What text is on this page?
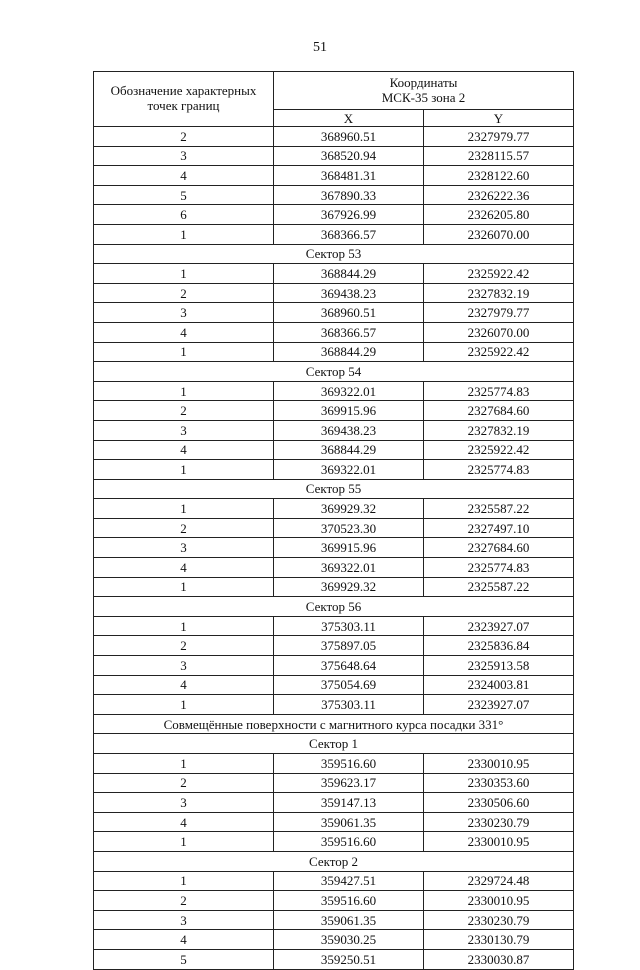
51
Обозначение характерных точек границ	Координаты
МСК-35 зона 2	

	X	Y
2	368960.51	2327979.77
3	368520.94	2328115.57
4	368481.31	2328122.60
5	367890.33	2326222.36
6	367926.99	2326205.80
1	368366.57	2326070.00
Сектор 53		
1	368844.29	2325922.42
2	369438.23	2327832.19
3	368960.51	2327979.77
4	368366.57	2326070.00
1	368844.29	2325922.42
Сектор 54		
1	369322.01	2325774.83
2	369915.96	2327684.60
3	369438.23	2327832.19
4	368844.29	2325922.42
1	369322.01	2325774.83
Сектор 55		
1	369929.32	2325587.22
2	370523.30	2327497.10
3	369915.96	2327684.60
4	369322.01	2325774.83
1	369929.32	2325587.22
Сектор 56		
1	375303.11	2323927.07
2	375897.05	2325836.84
3	375648.64	2325913.58
4	375054.69	2324003.81
1	375303.11	2323927.07
Совмещённые поверхности с магнитного курса посадки 331°		
Сектор 1		
1	359516.60	2330010.95
2	359623.17	2330353.60
3	359147.13	2330506.60
4	359061.35	2330230.79
1	359516.60	2330010.95
Сектор 2		
1	359427.51	2329724.48
2	359516.60	2330010.95
3	359061.35	2330230.79
4	359030.25	2330130.79
5	359250.51	2330030.87
